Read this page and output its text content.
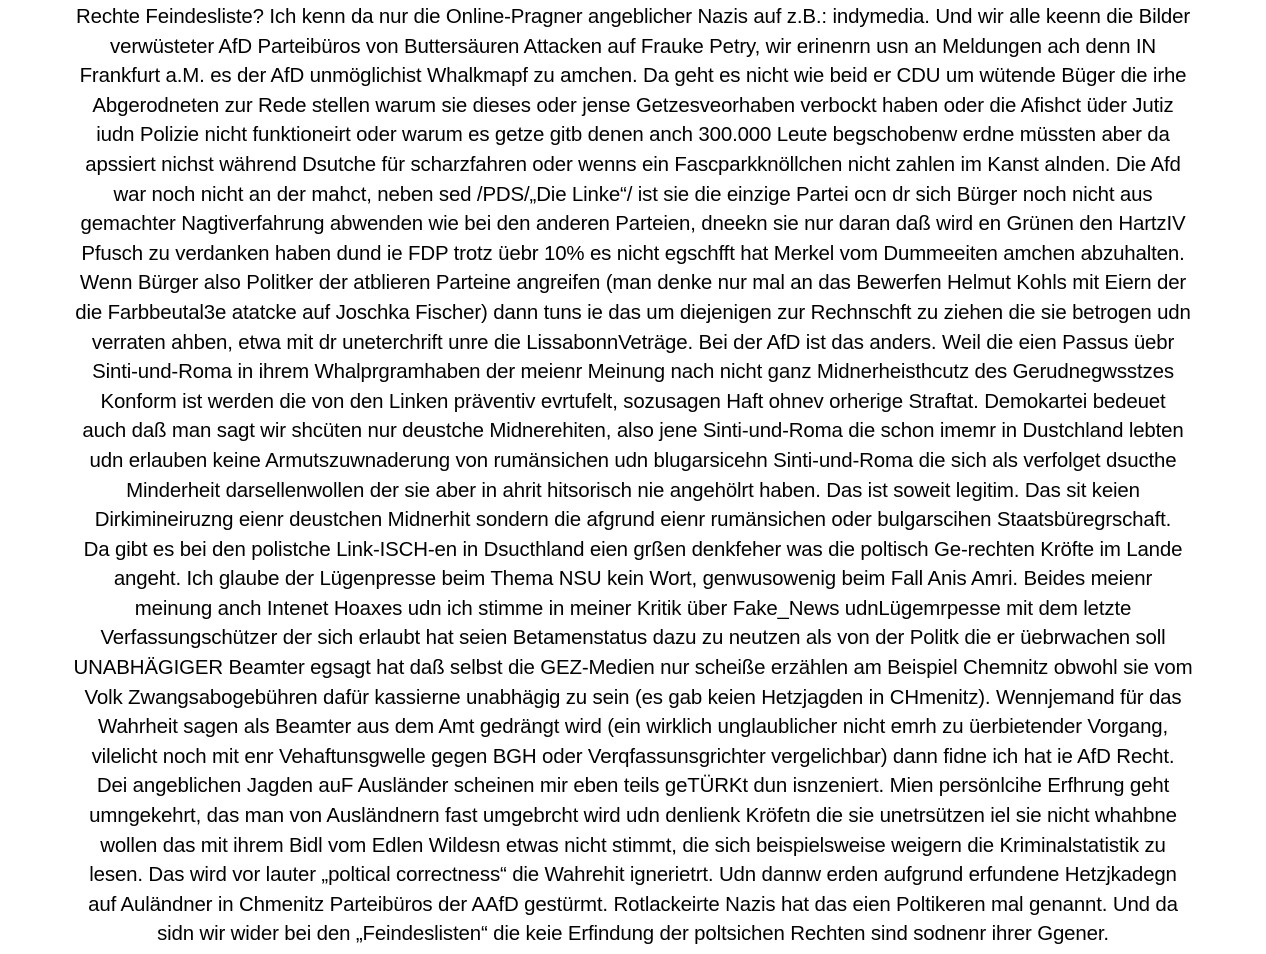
Rechte Feindesliste? Ich kenn da nur die Online-Pragner angeblicher Nazis auf z.B.: indymedia. Und wir alle keenn die Bilder
verwüsteter AfD Parteibüros von Buttersäuren Attacken auf Frauke Petry, wir erinenrn usn an Meldungen ach denn IN
Frankfurt a.M. es der AfD unmöglichist Whalkmapf zu amchen. Da geht es nicht wie beid er CDU um wütende Büger die irhe
Abgerodneten zur Rede stellen warum sie dieses oder jense Getzesveorhaben verbockt haben oder die Afishct üder Jutiz
iudn Polizie nicht funktioneirt oder warum es getze gitb denen anch 300.000 Leute begschobenw erdne müssten aber da
apssiert nichst während Dsutche für scharzfahren oder wenns ein Fascparkknöllchen nicht zahlen im Kanst alnden. Die Afd
war noch nicht an der mahct, neben sed /PDS/„Die Linke“/ ist sie die einzige Partei ocn dr sich Bürger noch nicht aus
gemachter Nagtiverfahrung abwenden wie bei den anderen Parteien, dneekn sie nur daran daß wird en Grünen den HartzIV
Pfusch zu verdanken haben dund ie FDP trotz üebr 10% es nicht egschfft hat Merkel vom Dummeeiten amchen abzuhalten.
Wenn Bürger also Politker der atblieren Parteine angreifen (man denke nur mal an das Bewerfen Helmut Kohls mit Eiern der
die Farbbeutal3e atatcke auf Joschka Fischer) dann tuns ie das um diejenigen zur Rechnschft zu ziehen die sie betrogen udn
verraten ahben, etwa mit dr uneterchrift unre die LissabonnVeträge. Bei der AfD ist das anders. Weil die eien Passus üebr
Sinti-und-Roma in ihrem Whalprgramhaben der meienr Meinung nach nicht ganz Midnerheisthcutz des Gerudnegwsstzes
Konform ist werden die von den Linken präventiv evrtufelt, sozusagen Haft ohnev orherige Straftat. Demokartei bedeuet
auch daß man sagt wir shcüten nur deustche Midnerehiten, also jene Sinti-und-Roma die schon imemr in Dustchland lebten
udn erlauben keine Armutszuwnaderung von rumänsichen udn blugarsicehn Sinti-und-Roma die sich als verfolget dsucthe
Minderheit darsellenwollen der sie aber in ahrit hitsorisch nie angehölrt haben. Das ist soweit legitim. Das sit keien
Dirkimineiruzng eienr deustchen Midnerhit sondern die afgrund eienr rumänsichen oder bulgarscihen Staatsbüregrschaft.
Da gibt es bei den polistche Link-ISCH-en in Dsucthland eien grßen denkfeher was die poltisch Ge-rechten Kröfte im Lande
angeht. Ich glaube der Lügenpresse beim Thema NSU kein Wort, genwusowenig beim Fall Anis Amri. Beides meienr
meinung anch Intenet Hoaxes udn ich stimme in meiner Kritik über Fake_News udnLügemrpesse mit dem letzte
Verfassungschützer der sich erlaubt hat seien Betamenstatus dazu zu neutzen als von der Politk die er üebrwachen soll
UNABHÄGIGER Beamter egsagt hat daß selbst die GEZ-Medien nur scheiße erzählen am Beispiel Chemnitz obwohl sie vom
Volk Zwangsabogebühren dafür kassierne unabhägig zu sein (es gab keien Hetzjagden in CHmenitz). Wennjemand für das
Wahrheit sagen als Beamter aus dem Amt gedrängt wird (ein wirklich unglaublicher nicht emrh zu üerbietender Vorgang,
vilelicht noch mit enr Vehaftunsgwelle gegen BGH oder Verqfassunsgrichter vergelichbar) dann fidne ich hat ie AfD Recht.
Dei angeblichen Jagden auF Ausländer scheinen mir eben teils geTÜRKt dun isnzeniert. Mien persönlcihe Erfhrung geht
umngekehrt, das man von Ausländnern fast umgebrcht wird udn denlienk Kröfetn die sie unetrsützen iel sie nicht whahbne
wollen das mit ihrem Bidl vom Edlen Wildesn etwas nicht stimmt, die sich beispielsweise weigern die Kriminalstatistik zu
lesen. Das wird vor lauter „poltical correctness“ die Wahrehit ignerietrt. Udn dannw erden aufgrund erfundene Hetzjkadegn
auf Auländner in Chmenitz Parteibüros der AAfD gestürmt. Rotlackeirte Nazis hat das eien Poltikeren mal genannt. Und da
sidn wir wider bei den „Feindeslisten“ die keie Erfindung der poltsichen Rechten sind sodnenr ihrer Ggener.
